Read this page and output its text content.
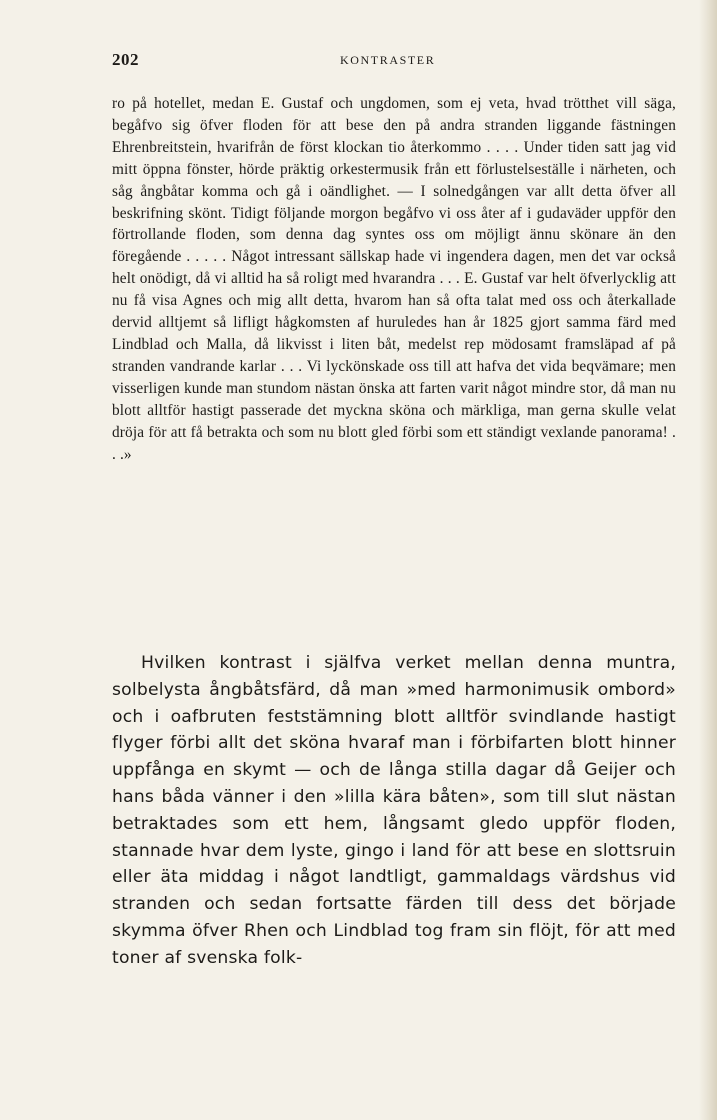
202	KONTRASTER

ro på hotellet, medan E. Gustaf och ungdomen, som ej veta, hvad trötthet vill säga, begåfvo sig öfver floden för att bese den på andra stranden liggande fästningen Ehrenbreitstein, hvarifrån de först klockan tio återkommo . . . . Under tiden satt jag vid mitt öppna fönster, hörde präktig orkestermusik från ett förlustelseställe i närheten, och såg ångbåtar komma och gå i oändlighet. — I solnedgången var allt detta öfver all beskrifning skönt. Tidigt följande morgon begåfvo vi oss åter af i gudaväder uppför den förtrollande floden, som denna dag syntes oss om möjligt ännu skönare än den föregående . . . . . Något intressant sällskap hade vi ingendera dagen, men det var också helt onödigt, då vi alltid ha så roligt med hvarandra . . . E. Gustaf var helt öfverlycklig att nu få visa Agnes och mig allt detta, hvarom han så ofta talat med oss och återkallade dervid alltjemt så lifligt hågkomsten af huruledes han år 1825 gjort samma färd med Lindblad och Malla, då likvisst i liten båt, medelst rep mödosamt framsläpad af på stranden vandrande karlar . . . Vi lyckönskade oss till att hafva det vida beqvämare; men visserligen kunde man stundom nästan önska att farten varit något mindre stor, då man nu blott alltför hastigt passerade det myckna sköna och märkliga, man gerna skulle velat dröja för att få betrakta och som nu blott gled förbi som ett ständigt vexlande panorama! . . .»

Hvilken kontrast i själfva verket mellan denna muntra, solbelysta ångbåtsfärd, då man »med harmonimusik ombord» och i oafbruten feststämning blott alltför svindlande hastigt flyger förbi allt det sköna hvaraf man i förbifarten blott hinner uppfånga en skymt — och de långa stilla dagar då Geijer och hans båda vänner i den »lilla kära båten», som till slut nästan betraktades som ett hem, långsamt gledo uppför floden, stannade hvar dem lyste, gingo i land för att bese en slottsruin eller äta middag i något landtligt, gammaldags värdshus vid stranden och sedan fortsatte färden till dess det började skymma öfver Rhen och Lindblad tog fram sin flöjt, för att med toner af svenska folk-
